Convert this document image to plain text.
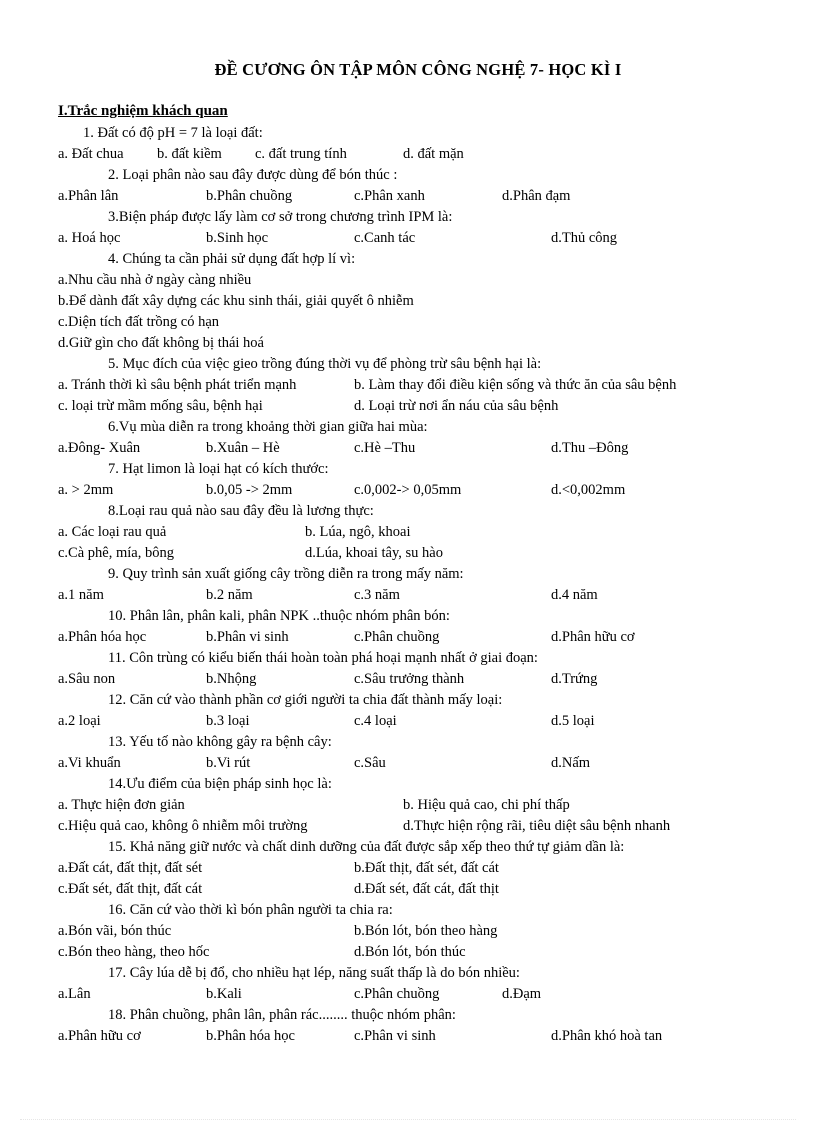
ĐỀ CƯƠNG ÔN TẬP MÔN CÔNG NGHỆ 7- HỌC KÌ I
I.Trắc nghiệm khách quan
1. Đất có độ pH = 7 là loại đất:
a. Đất chua b. đất kiềm c. đất trung tính	d. đất mặn
2. Loại phân nào sau đây được dùng để bón thúc :
a.Phân lân	b.Phân chuồng	c.Phân xanh	d.Phân đạm
3.Biện pháp được lấy làm cơ sở trong chương trình IPM là:
a. Hoá học	b.Sinh học	c.Canh tác	d.Thủ công
4. Chúng ta cần phải sử dụng đất hợp lí vì:
a.Nhu cầu nhà ở ngày càng nhiều
b.Để dành đất xây dựng các khu sinh thái, giải quyết ô nhiễm
c.Diện tích đất trồng có hạn
d.Giữ gìn cho đất không bị thái hoá
5. Mục đích của việc gieo trồng đúng thời vụ để phòng trừ sâu bệnh hại là:
a. Tránh thời kì sâu bệnh phát triển mạnh	b. Làm thay đổi điều kiện sống và thức ăn của sâu bệnh
c. loại trừ mầm mống sâu, bệnh hại	d. Loại trừ nơi ẩn náu của sâu bệnh
6.Vụ mùa diễn ra trong khoảng thời gian giữa hai mùa:
a.Đông- Xuân	b.Xuân – Hè	c.Hè –Thu	d.Thu –Đông
7. Hạt limon là loại hạt có kích thước:
a. > 2mm	b.0,05 -> 2mm	c.0,002-> 0,05mm	d.<0,002mm
8.Loại rau quả nào sau đây đều là lương thực:
a. Các loại rau quả	b. Lúa, ngô, khoai
c.Cà phê, mía, bông	d.Lúa, khoai tây, su hào
9. Quy trình sản xuất giống cây trồng diễn ra trong mấy năm:
a.1 năm	b.2 năm	c.3 năm	d.4 năm
10. Phân lân, phân kali, phân NPK ..thuộc nhóm phân bón:
a.Phân hóa học	b.Phân vi sinh	c.Phân chuồng	d.Phân hữu cơ
11. Côn trùng có kiểu biến thái hoàn toàn phá hoại mạnh nhất ở giai đoạn:
a.Sâu non	b.Nhộng	c.Sâu trưởng thành	d.Trứng
12. Căn cứ vào thành phần cơ giới người ta chia đất thành mấy loại:
a.2 loại	b.3 loại	c.4 loại	d.5 loại
13. Yếu tố nào không gây ra bệnh cây:
a.Vi khuẩn	b.Vi rút	c.Sâu	d.Nấm
14.Ưu điểm của biện pháp sinh học là:
a. Thực hiện đơn giản	b. Hiệu quả cao, chi phí thấp
c.Hiệu quả cao, không ô nhiễm môi trường	d.Thực hiện rộng rãi, tiêu diệt sâu bệnh nhanh
15. Khả năng giữ nước và chất dinh dưỡng của đất được sắp xếp theo thứ tự giảm dần là:
a.Đất cát, đất thịt, đất sét	b.Đất thịt, đất sét, đất cát
c.Đất sét, đất thịt, đất cát	d.Đất sét, đất cát, đất thịt
16. Căn cứ vào thời kì bón phân người ta chia ra:
a.Bón vãi, bón thúc	b.Bón lót, bón theo hàng
c.Bón theo hàng, theo hốc	d.Bón lót, bón thúc
17. Cây lúa dễ bị đổ, cho nhiều hạt lép, năng suất thấp là do bón nhiều:
a.Lân	b.Kali	c.Phân chuồng	d.Đạm
18. Phân chuồng, phân lân, phân rác........ thuộc nhóm phân:
a.Phân hữu cơ	b.Phân hóa học	c.Phân vi sinh	d.Phân khó hoà tan
